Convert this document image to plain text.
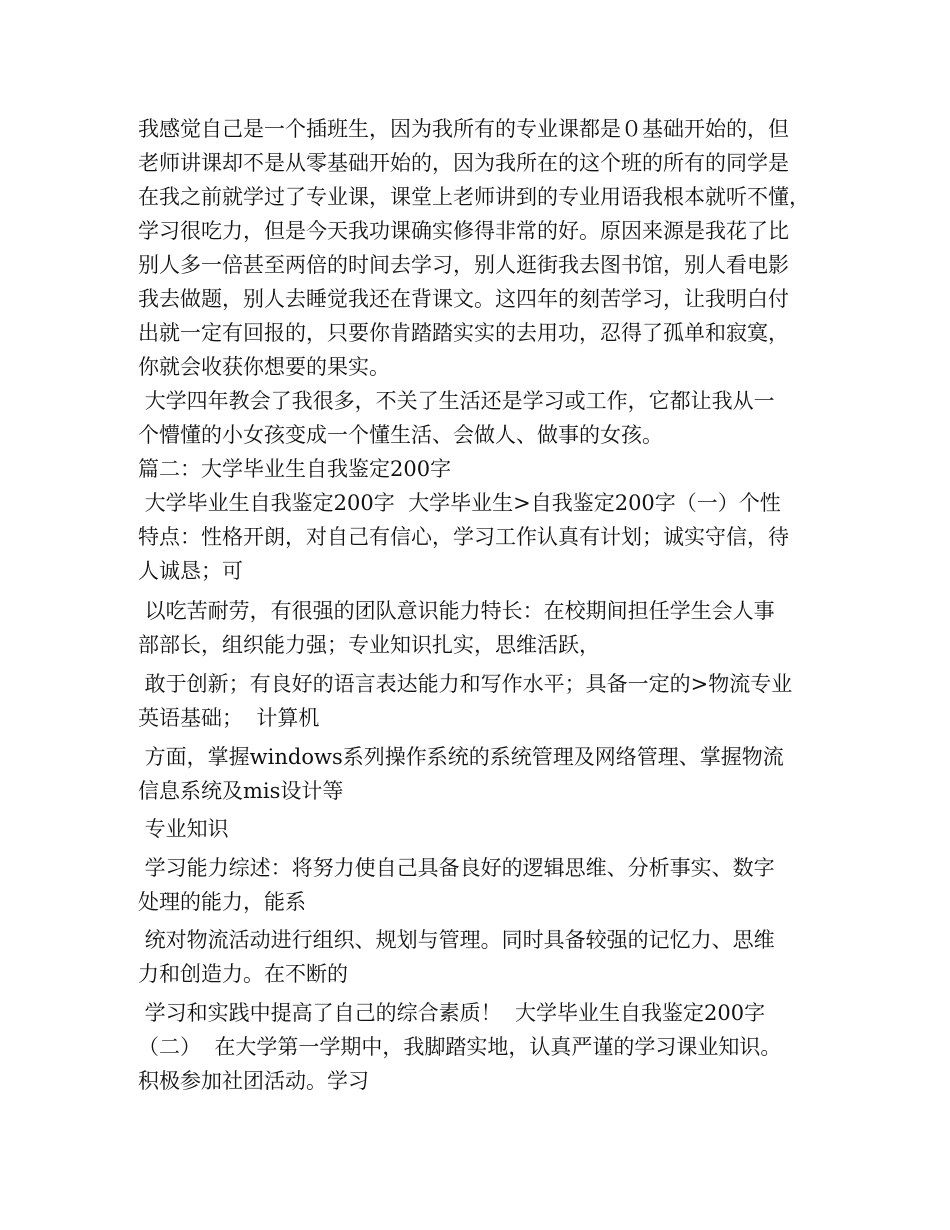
我感觉自己是一个插班生，因为我所有的专业课都是０基础开始的，但
老师讲课却不是从零基础开始的，因为我所在的这个班的所有的同学是
在我之前就学过了专业课，课堂上老师讲到的专业用语我根本就听不懂，
学习很吃力，但是今天我功课确实修得非常的好。原因来源是我花了比
别人多一倍甚至两倍的时间去学习，别人逛街我去图书馆，别人看电影
我去做题，别人去睡觉我还在背课文。这四年的刻苦学习，让我明白付
出就一定有回报的，只要你肯踏踏实实的去用功，忍得了孤单和寂寞，
你就会收获你想要的果实。
大学四年教会了我很多，不关了生活还是学习或工作，它都让我从一
个懵懂的小女孩变成一个懂生活、会做人、做事的女孩。
篇二：大学毕业生自我鉴定200字
大学毕业生自我鉴定200字  大学毕业生>自我鉴定200字（一）个性
特点：性格开朗，对自己有信心，学习工作认真有计划；诚实守信，待
人诚恳；可
以吃苦耐劳，有很强的团队意识能力特长：在校期间担任学生会人事
部部长，组织能力强；专业知识扎实，思维活跃，
敢于创新；有良好的语言表达能力和写作水平；具备一定的>物流专业
英语基础；  计算机
方面，掌握windows系列操作系统的系统管理及网络管理、掌握物流
信息系统及mis设计等
专业知识
学习能力综述：将努力使自己具备良好的逻辑思维、分析事实、数字
处理的能力，能系
统对物流活动进行组织、规划与管理。同时具备较强的记忆力、思维
力和创造力。在不断的
学习和实践中提高了自己的综合素质！  大学毕业生自我鉴定200字
（二）  在大学第一学期中，我脚踏实地，认真严谨的学习课业知识。
积极参加社团活动。学习
